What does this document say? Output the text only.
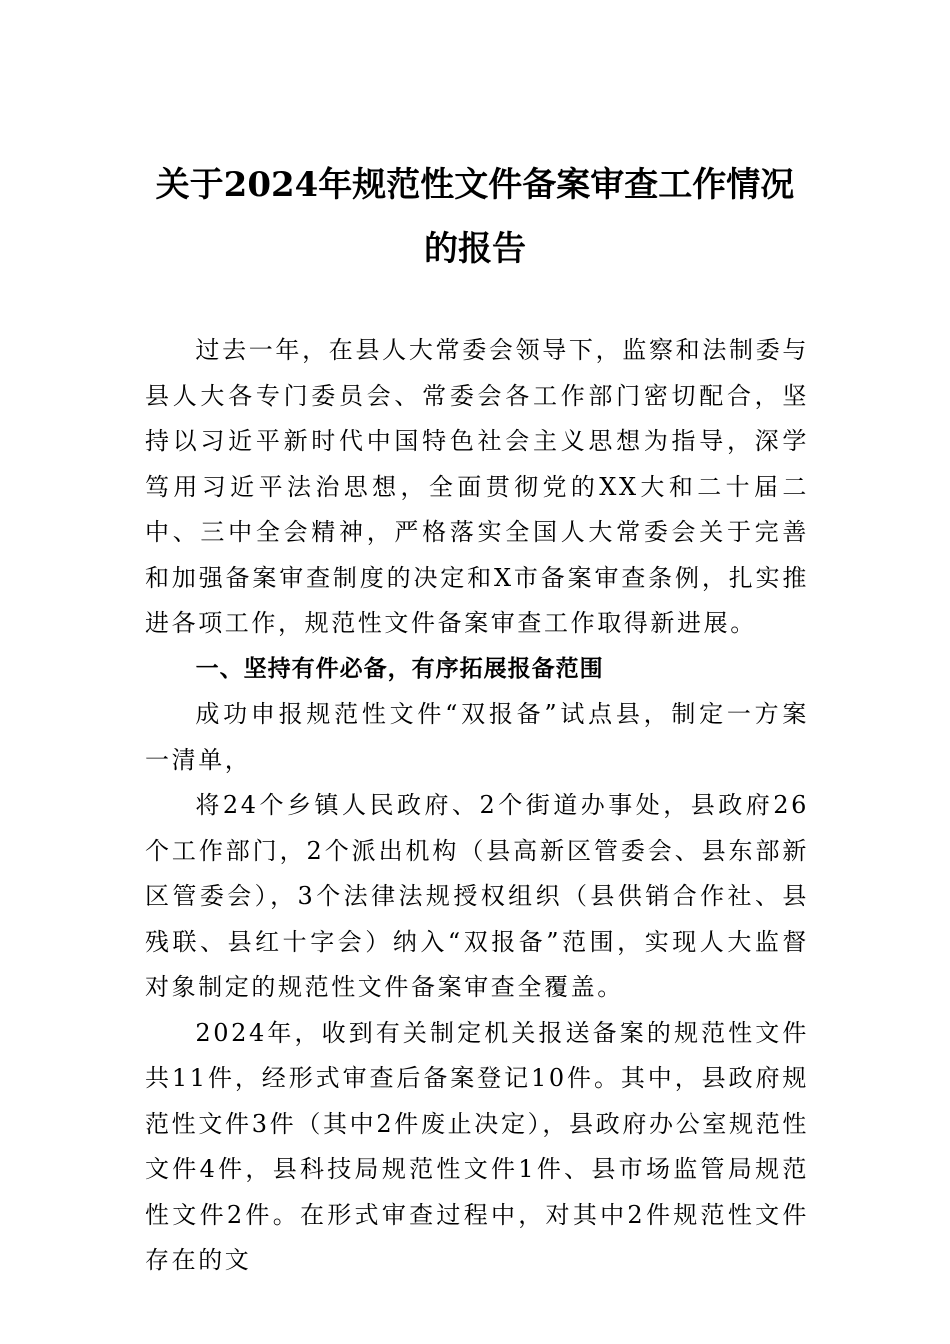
关于2024年规范性文件备案审查工作情况
的报告

过去一年，在县人大常委会领导下，监察和法制委与县人大各专门委员会、常委会各工作部门密切配合，坚持以习近平新时代中国特色社会主义思想为指导，深学笃用习近平法治思想，全面贯彻党的XX大和二十届二中、三中全会精神，严格落实全国人大常委会关于完善和加强备案审查制度的决定和X市备案审查条例，扎实推进各项工作，规范性文件备案审查工作取得新进展。

一、坚持有件必备，有序拓展报备范围

成功申报规范性文件“双报备”试点县，制定一方案一清单，

将24个乡镇人民政府、2个街道办事处，县政府26个工作部门，2个派出机构（县高新区管委会、县东部新区管委会），3个法律法规授权组织（县供销合作社、县残联、县红十字会）纳入“双报备”范围，实现人大监督对象制定的规范性文件备案审查全覆盖。

2024年，收到有关制定机关报送备案的规范性文件共11件，经形式审查后备案登记10件。其中，县政府规范性文件3件（其中2件废止决定），县政府办公室规范性文件4件，县科技局规范性文件1件、县市场监管局规范性文件2件。在形式审查过程中，对其中2件规范性文件存在的文
